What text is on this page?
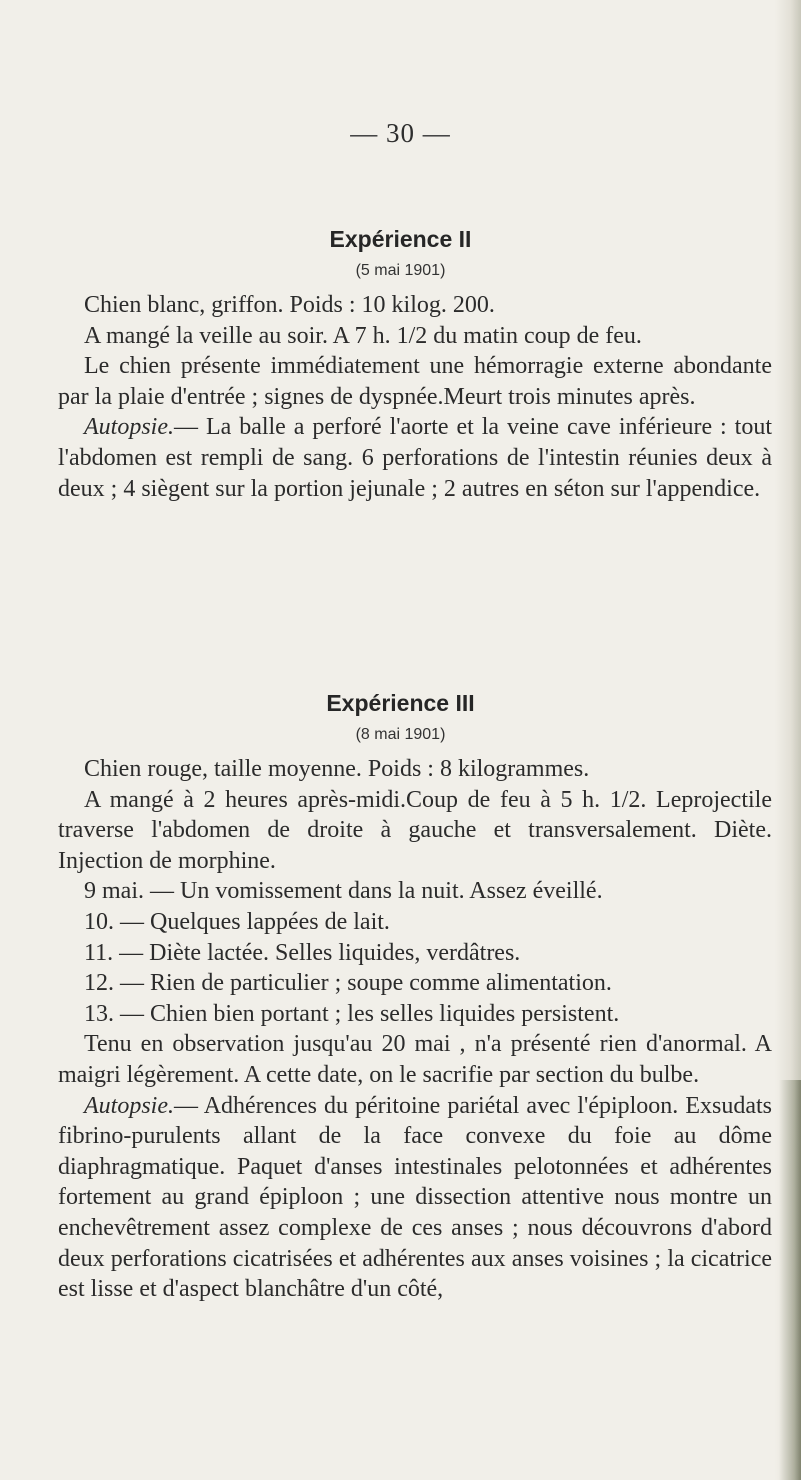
— 30 —
Expérience II
(5 mai 1901)

Chien blanc, griffon. Poids : 10 kilog. 200.

A mangé la veille au soir. A 7 h. 1/2 du matin coup de feu.

Le chien présente immédiatement une hémorragie externe abondante par la plaie d'entrée ; signes de dyspnée.Meurt trois minutes après.

Autopsie.— La balle a perforé l'aorte et la veine cave inférieure : tout l'abdomen est rempli de sang. 6 perforations de l'intestin réunies deux à deux ; 4 siègent sur la portion jejunale ; 2 autres en séton sur l'appendice.

Expérience III
(8 mai 1901)

Chien rouge, taille moyenne. Poids : 8 kilogrammes.

A mangé à 2 heures après-midi.Coup de feu à 5 h. 1/2. Leprojectile traverse l'abdomen de droite à gauche et transversalement. Diète. Injection de morphine.

9 mai. — Un vomissement dans la nuit. Assez éveillé.

10. — Quelques lappées de lait.

11. — Diète lactée. Selles liquides, verdâtres.

12. — Rien de particulier ; soupe comme alimentation.

13. — Chien bien portant ; les selles liquides persistent.

Tenu en observation jusqu'au 20 mai , n'a présenté rien d'anormal. A maigri légèrement. A cette date, on le sacrifie par section du bulbe.

Autopsie.— Adhérences du péritoine pariétal avec l'épiploon. Exsudats fibrino-purulents allant de la face convexe du foie au dôme diaphragmatique. Paquet d'anses intestinales pelotonnées et adhérentes fortement au grand épiploon ; une dissection attentive nous montre un enchevêtrement assez complexe de ces anses ; nous découvrons d'abord deux perforations cicatrisées et adhérentes aux anses voisines ; la cicatrice est lisse et d'aspect blanchâtre d'un côté,
